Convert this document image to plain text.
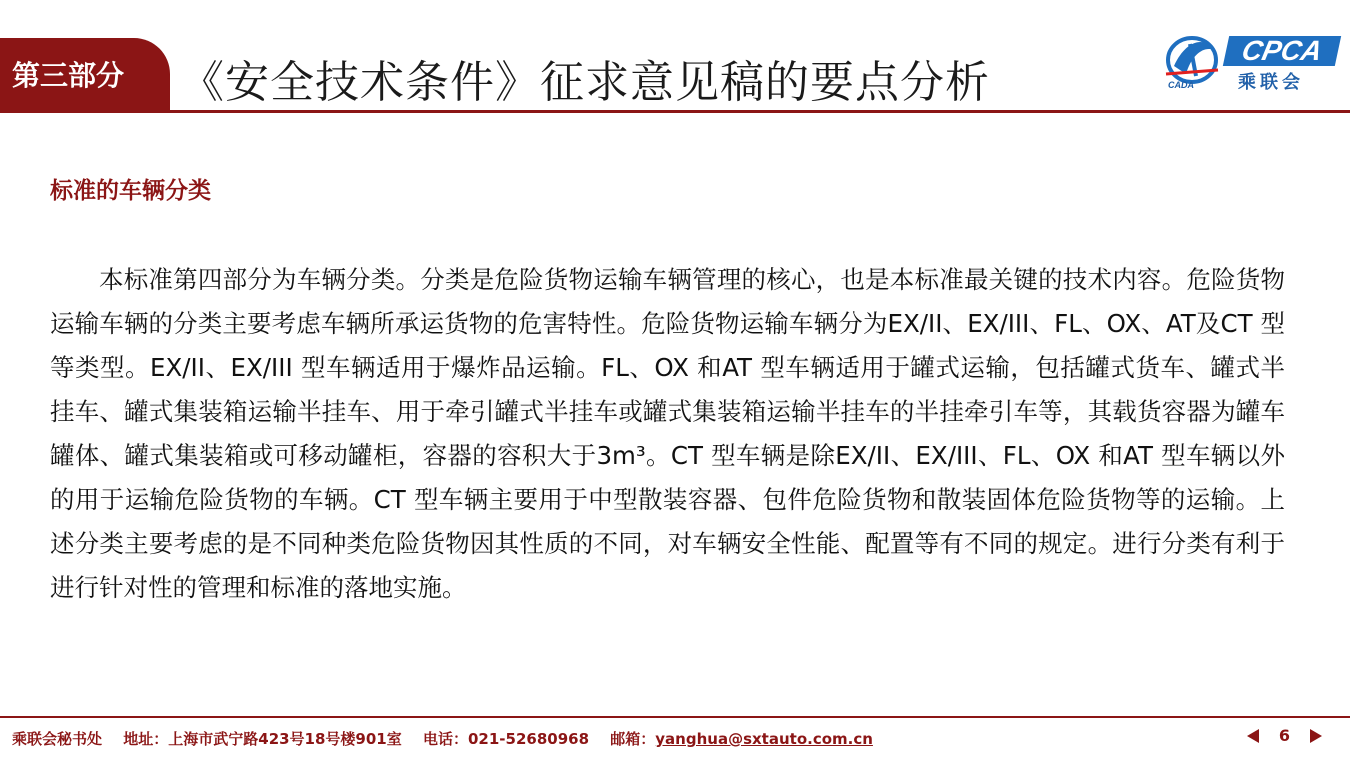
第三部分	《安全技术条件》征求意见稿的要点分析	CADA
CPCA
乘联会
标准的车辆分类

本标准第四部分为车辆分类。分类是危险货物运输车辆管理的核心，也是本标准最关键的技术内容。危险货物运输车辆的分类主要考虑车辆所承运货物的危害特性。危险货物运输车辆分为EX/II、EX/III、FL、OX、AT及CT 型等类型。EX/II、EX/III 型车辆适用于爆炸品运输。FL、OX 和AT 型车辆适用于罐式运输，包括罐式货车、罐式半挂车、罐式集装箱运输半挂车、用于牵引罐式半挂车或罐式集装箱运输半挂车的半挂牵引车等，其载货容器为罐车罐体、罐式集装箱或可移动罐柜，容器的容积大于3m³。CT 型车辆是除EX/II、EX/III、FL、OX 和AT 型车辆以外的用于运输危险货物的车辆。CT 型车辆主要用于中型散装容器、包件危险货物和散装固体危险货物等的运输。上述分类主要考虑的是不同种类危险货物因其性质的不同，对车辆安全性能、配置等有不同的规定。进行分类有利于进行针对性的管理和标准的落地实施。

乘联会秘书处 地址：上海市武宁路423号18号楼901室 电话：021-52680968 邮箱：yanghua@sxtauto.com.cn	6
